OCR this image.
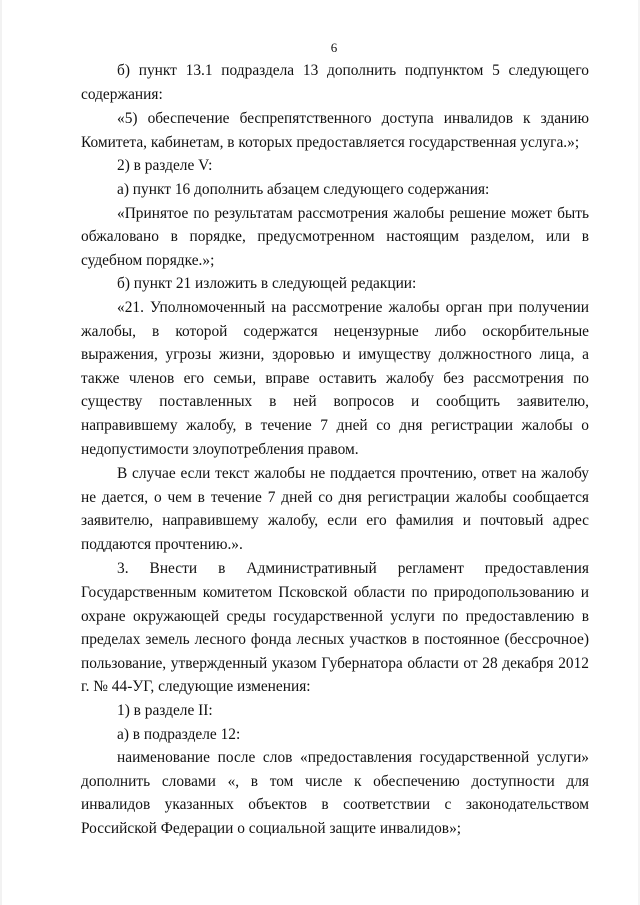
6

б) пункт 13.1 подраздела 13 дополнить подпунктом 5 следующего содержания:

«5) обеспечение беспрепятственного доступа инвалидов к зданию Комитета, кабинетам, в которых предоставляется государственная услуга.»;

2) в разделе V:

а) пункт 16 дополнить абзацем следующего содержания:

«Принятое по результатам рассмотрения жалобы решение может быть обжаловано в порядке, предусмотренном настоящим разделом, или в судебном порядке.»;

б) пункт 21 изложить в следующей редакции:

«21. Уполномоченный на рассмотрение жалобы орган при получении жалобы, в которой содержатся нецензурные либо оскорбительные выражения, угрозы жизни, здоровью и имуществу должностного лица, а также членов его семьи, вправе оставить жалобу без рассмотрения по существу поставленных в ней вопросов и сообщить заявителю, направившему жалобу, в течение 7 дней со дня регистрации жалобы о недопустимости злоупотребления правом.

В случае если текст жалобы не поддается прочтению, ответ на жалобу не дается, о чем в течение 7 дней со дня регистрации жалобы сообщается заявителю, направившему жалобу, если его фамилия и почтовый адрес поддаются прочтению.».

3. Внести в Административный регламент предоставления Государственным комитетом Псковской области по природопользованию и охране окружающей среды государственной услуги по предоставлению в пределах земель лесного фонда лесных участков в постоянное (бессрочное) пользование, утвержденный указом Губернатора области от 28 декабря 2012 г. № 44-УГ, следующие изменения:

1) в разделе II:

а) в подразделе 12:

наименование после слов «предоставления государственной услуги» дополнить словами «, в том числе к обеспечению доступности для инвалидов указанных объектов в соответствии с законодательством Российской Федерации о социальной защите инвалидов»;
